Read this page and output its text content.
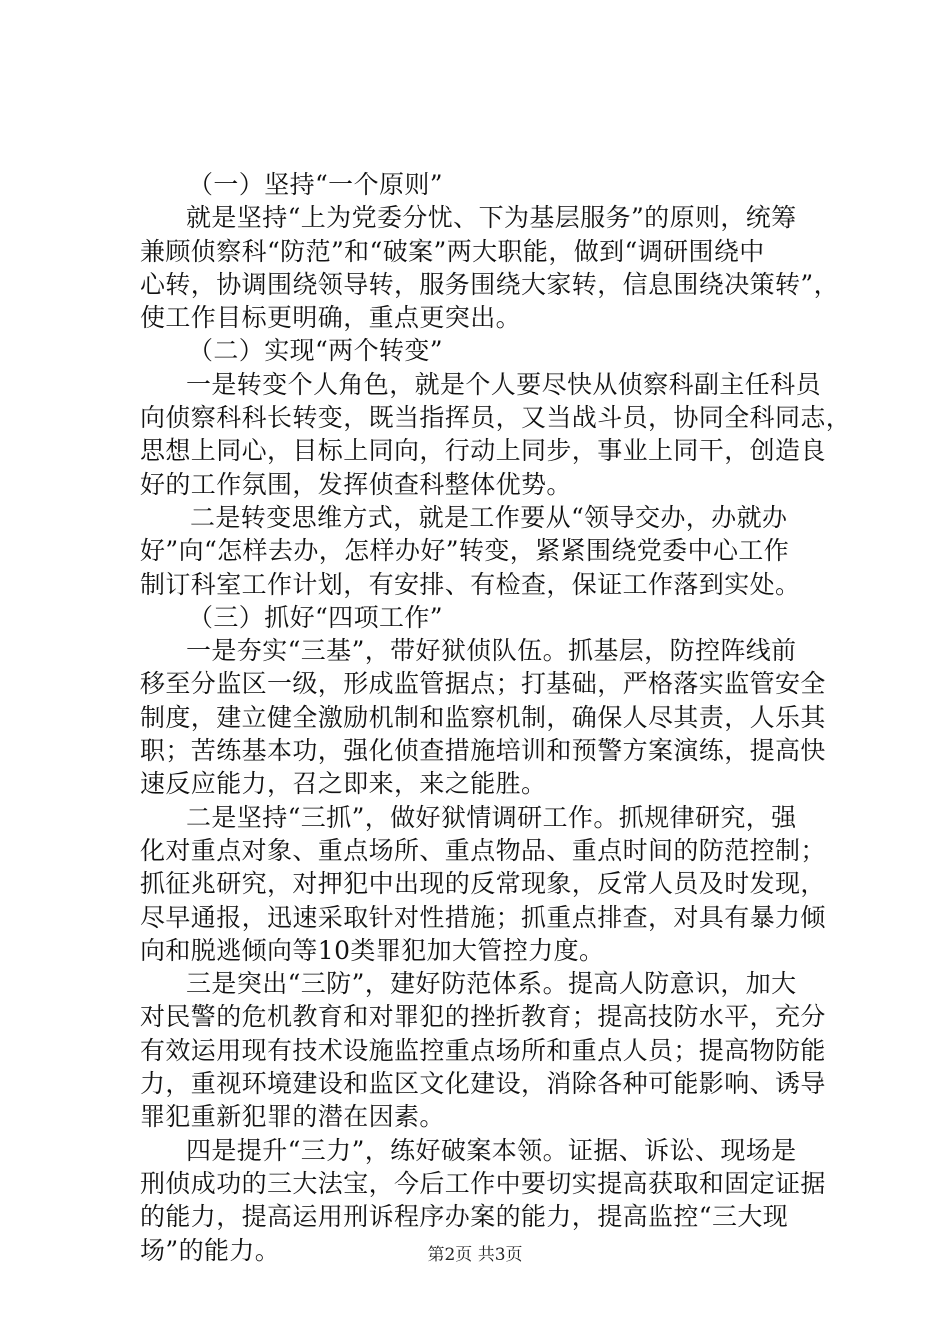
（一）坚持“一个原则”
就是坚持“上为党委分忧、下为基层服务”的原则，统筹
兼顾侦察科“防范”和“破案”两大职能，做到“调研围绕中
心转，协调围绕领导转，服务围绕大家转，信息围绕决策转”，
使工作目标更明确，重点更突出。
（二）实现“两个转变”
一是转变个人角色，就是个人要尽快从侦察科副主任科员
向侦察科科长转变，既当指挥员，又当战斗员，协同全科同志，
思想上同心，目标上同向，行动上同步，事业上同干，创造良
好的工作氛围，发挥侦查科整体优势。
二是转变思维方式，就是工作要从“领导交办，办就办
好”向“怎样去办，怎样办好”转变，紧紧围绕党委中心工作
制订科室工作计划，有安排、有检查，保证工作落到实处。
（三）抓好“四项工作”
一是夯实“三基”，带好狱侦队伍。抓基层，防控阵线前
移至分监区一级，形成监管据点；打基础，严格落实监管安全
制度，建立健全激励机制和监察机制，确保人尽其责，人乐其
职；苦练基本功，强化侦查措施培训和预警方案演练，提高快
速反应能力，召之即来，来之能胜。
二是坚持“三抓”，做好狱情调研工作。抓规律研究，强
化对重点对象、重点场所、重点物品、重点时间的防范控制；
抓征兆研究，对押犯中出现的反常现象，反常人员及时发现，
尽早通报，迅速采取针对性措施；抓重点排查，对具有暴力倾
向和脱逃倾向等10类罪犯加大管控力度。
三是突出“三防”，建好防范体系。提高人防意识，加大
对民警的危机教育和对罪犯的挫折教育；提高技防水平，充分
有效运用现有技术设施监控重点场所和重点人员；提高物防能
力，重视环境建设和监区文化建设，消除各种可能影响、诱导
罪犯重新犯罪的潜在因素。
四是提升“三力”，练好破案本领。证据、诉讼、现场是
刑侦成功的三大法宝，今后工作中要切实提高获取和固定证据
的能力，提高运用刑诉程序办案的能力，提高监控“三大现
场”的能力。	第2页 共3页
